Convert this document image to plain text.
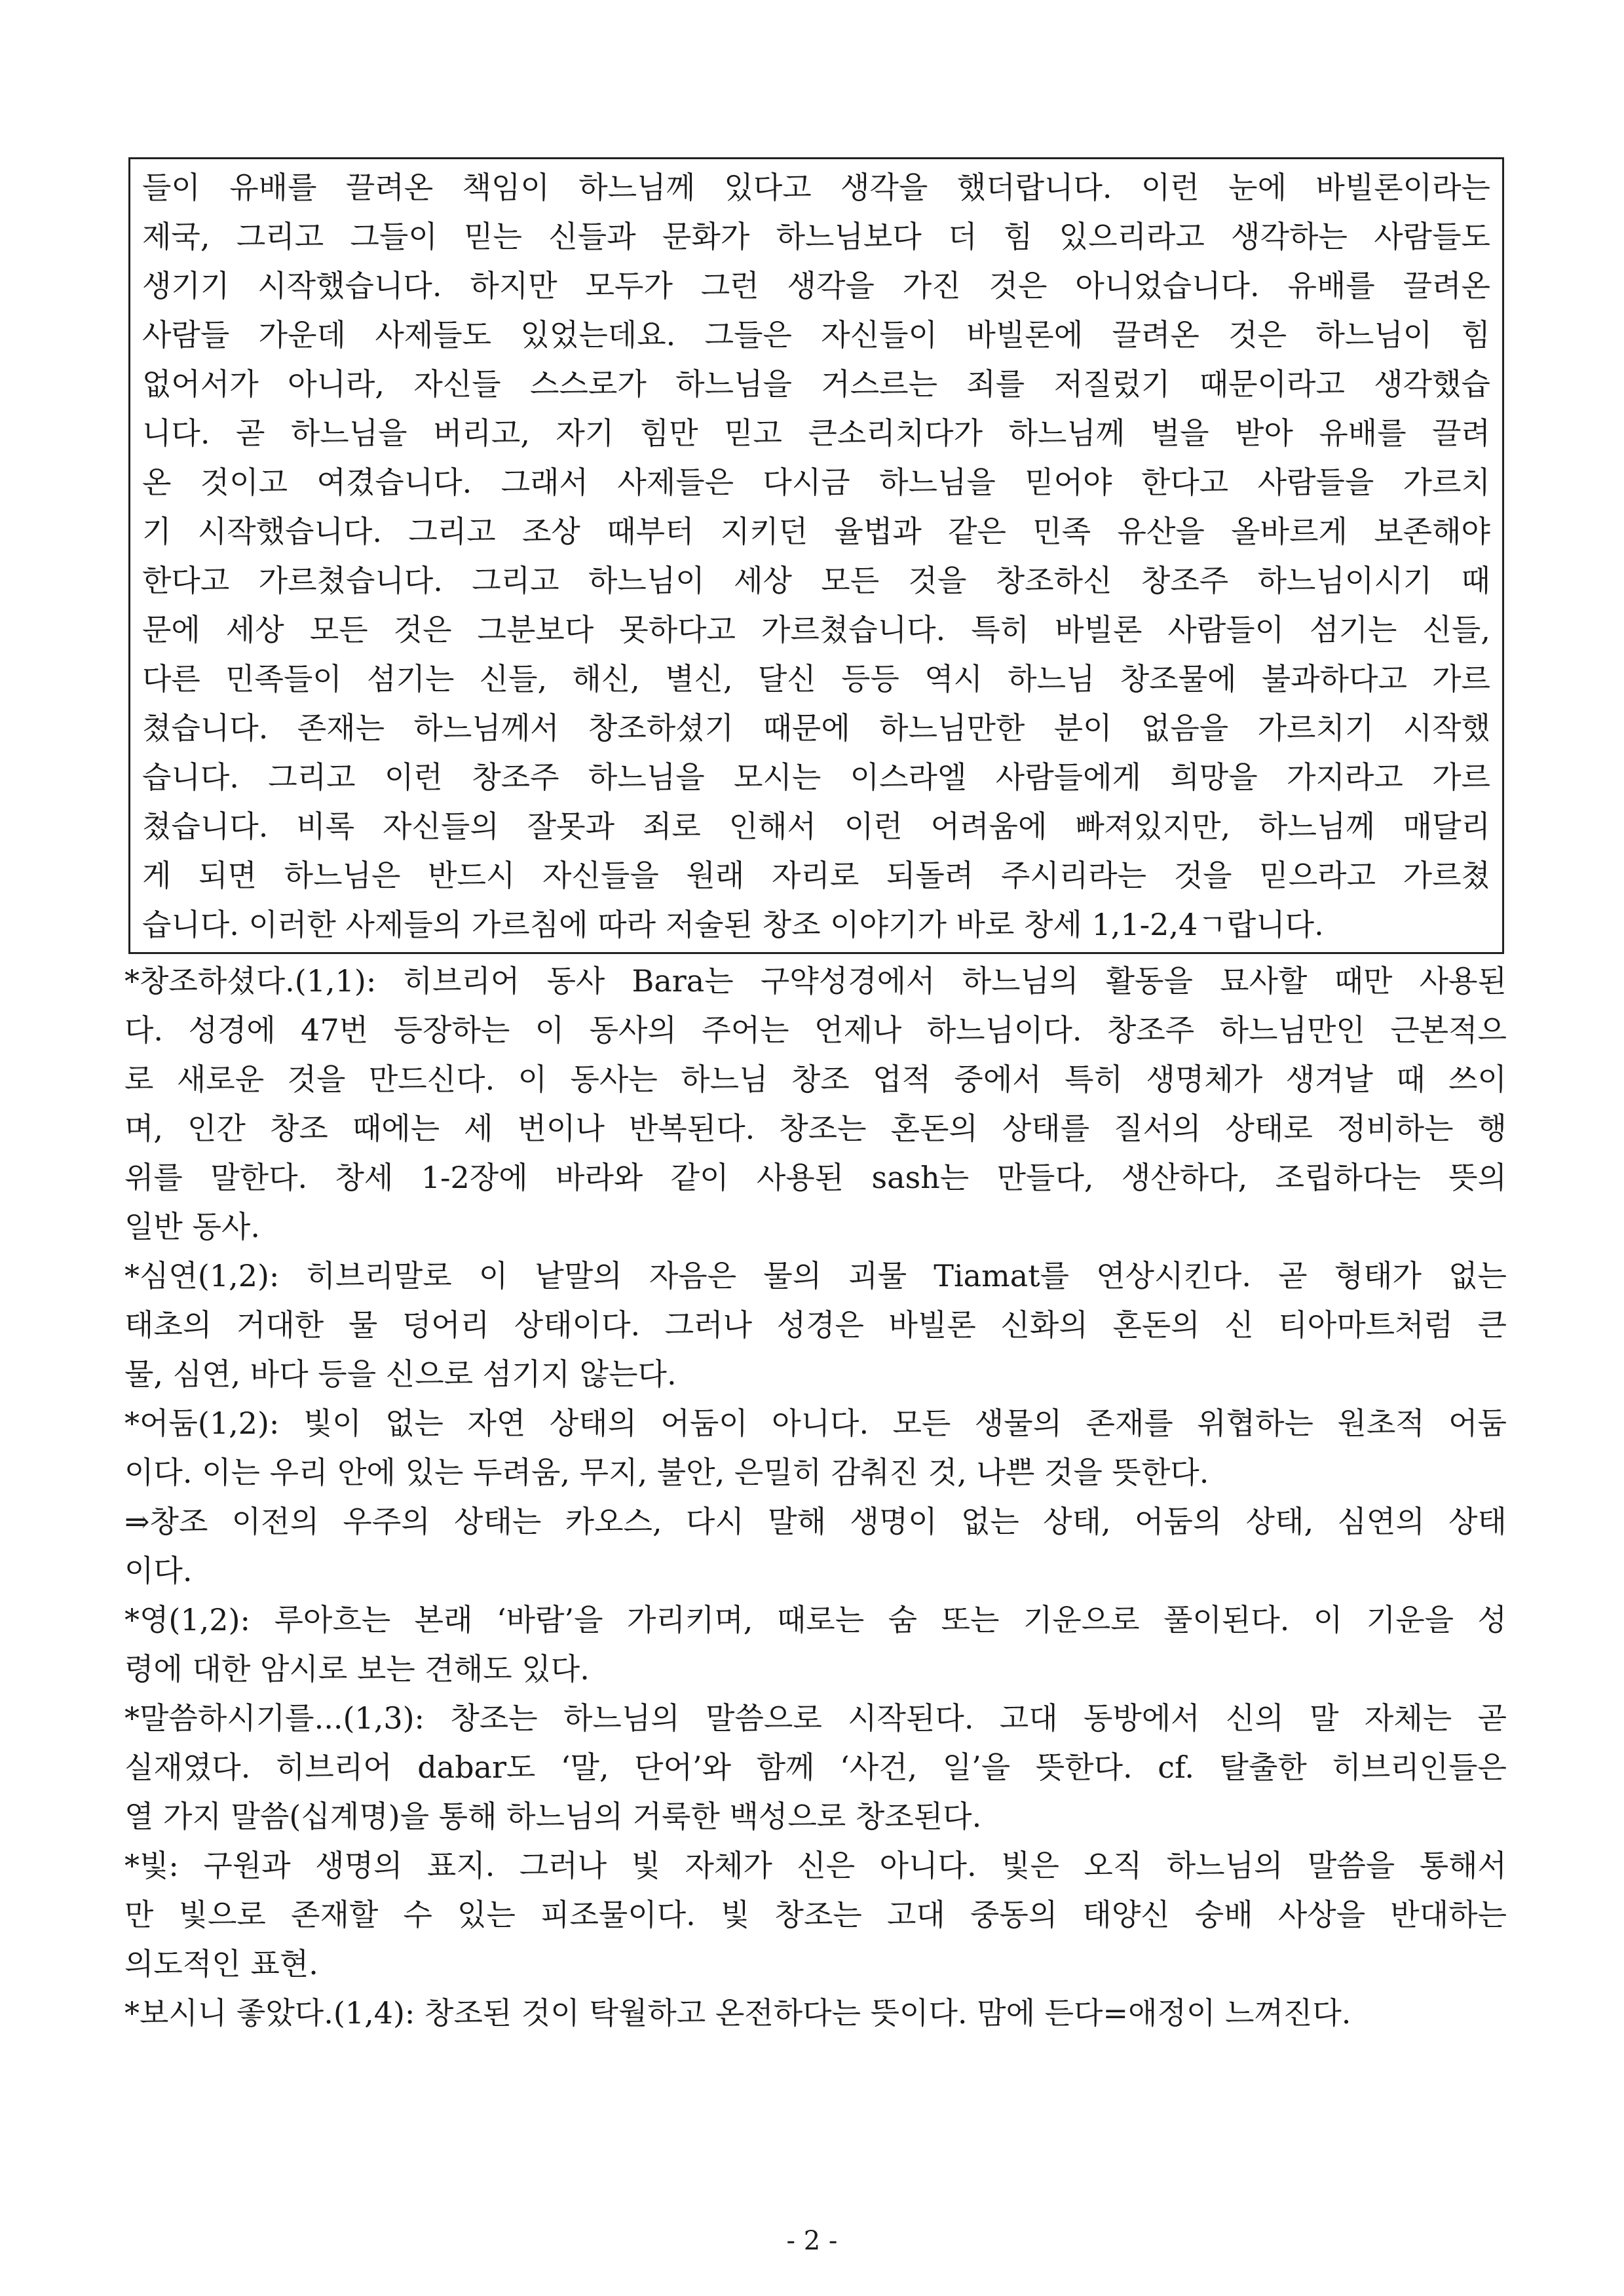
들이 유배를 끌려온 책임이 하느님께 있다고 생각을 했더랍니다. 이런 눈에 바빌론이라는
제국, 그리고 그들이 믿는 신들과 문화가 하느님보다 더 힘 있으리라고 생각하는 사람들도
생기기 시작했습니다. 하지만 모두가 그런 생각을 가진 것은 아니었습니다. 유배를 끌려온
사람들 가운데 사제들도 있었는데요. 그들은 자신들이 바빌론에 끌려온 것은 하느님이 힘
없어서가 아니라, 자신들 스스로가 하느님을 거스르는 죄를 저질렀기 때문이라고 생각했습
니다. 곧 하느님을 버리고, 자기 힘만 믿고 큰소리치다가 하느님께 벌을 받아 유배를 끌려
온 것이고 여겼습니다. 그래서 사제들은 다시금 하느님을 믿어야 한다고 사람들을 가르치
기 시작했습니다. 그리고 조상 때부터 지키던 율법과 같은 민족 유산을 올바르게 보존해야
한다고 가르쳤습니다. 그리고 하느님이 세상 모든 것을 창조하신 창조주 하느님이시기 때
문에 세상 모든 것은 그분보다 못하다고 가르쳤습니다. 특히 바빌론 사람들이 섬기는 신들,
다른 민족들이 섬기는 신들, 해신, 별신, 달신 등등 역시 하느님 창조물에 불과하다고 가르
쳤습니다. 존재는 하느님께서 창조하셨기 때문에 하느님만한 분이 없음을 가르치기 시작했
습니다. 그리고 이런 창조주 하느님을 모시는 이스라엘 사람들에게 희망을 가지라고 가르
쳤습니다. 비록 자신들의 잘못과 죄로 인해서 이런 어려움에 빠져있지만, 하느님께 매달리
게 되면 하느님은 반드시 자신들을 원래 자리로 되돌려 주시리라는 것을 믿으라고 가르쳤
습니다. 이러한 사제들의 가르침에 따라 저술된 창조 이야기가 바로 창세 1,1-2,4ㄱ랍니다.
*창조하셨다.(1,1): 히브리어 동사 Bara는 구약성경에서 하느님의 활동을 묘사할 때만 사용된
다. 성경에 47번 등장하는 이 동사의 주어는 언제나 하느님이다. 창조주 하느님만인 근본적으
로 새로운 것을 만드신다. 이 동사는 하느님 창조 업적 중에서 특히 생명체가 생겨날 때 쓰이
며, 인간 창조 때에는 세 번이나 반복된다. 창조는 혼돈의 상태를 질서의 상태로 정비하는 행
위를 말한다. 창세 1-2장에 바라와 같이 사용된 sash는 만들다, 생산하다, 조립하다는 뜻의
일반 동사.
*심연(1,2): 히브리말로 이 낱말의 자음은 물의 괴물 Tiamat를 연상시킨다. 곧 형태가 없는
태초의 거대한 물 덩어리 상태이다. 그러나 성경은 바빌론 신화의 혼돈의 신 티아마트처럼 큰
물, 심연, 바다 등을 신으로 섬기지 않는다.
*어둠(1,2): 빛이 없는 자연 상태의 어둠이 아니다. 모든 생물의 존재를 위협하는 원초적 어둠
이다. 이는 우리 안에 있는 두려움, 무지, 불안, 은밀히 감춰진 것, 나쁜 것을 뜻한다.
⇒창조 이전의 우주의 상태는 카오스, 다시 말해 생명이 없는 상태, 어둠의 상태, 심연의 상태
이다.
*영(1,2): 루아흐는 본래 ‘바람’을 가리키며, 때로는 숨 또는 기운으로 풀이된다. 이 기운을 성
령에 대한 암시로 보는 견해도 있다.
*말씀하시기를...(1,3): 창조는 하느님의 말씀으로 시작된다. 고대 동방에서 신의 말 자체는 곧
실재였다. 히브리어 dabar도 ‘말, 단어’와 함께 ‘사건, 일’을 뜻한다. cf. 탈출한 히브리인들은
열 가지 말씀(십계명)을 통해 하느님의 거룩한 백성으로 창조된다.
*빛: 구원과 생명의 표지. 그러나 빛 자체가 신은 아니다. 빛은 오직 하느님의 말씀을 통해서
만 빛으로 존재할 수 있는 피조물이다. 빛 창조는 고대 중동의 태양신 숭배 사상을 반대하는
의도적인 표현.
*보시니 좋았다.(1,4): 창조된 것이 탁월하고 온전하다는 뜻이다. 맘에 든다=애정이 느껴진다.
- 2 -
